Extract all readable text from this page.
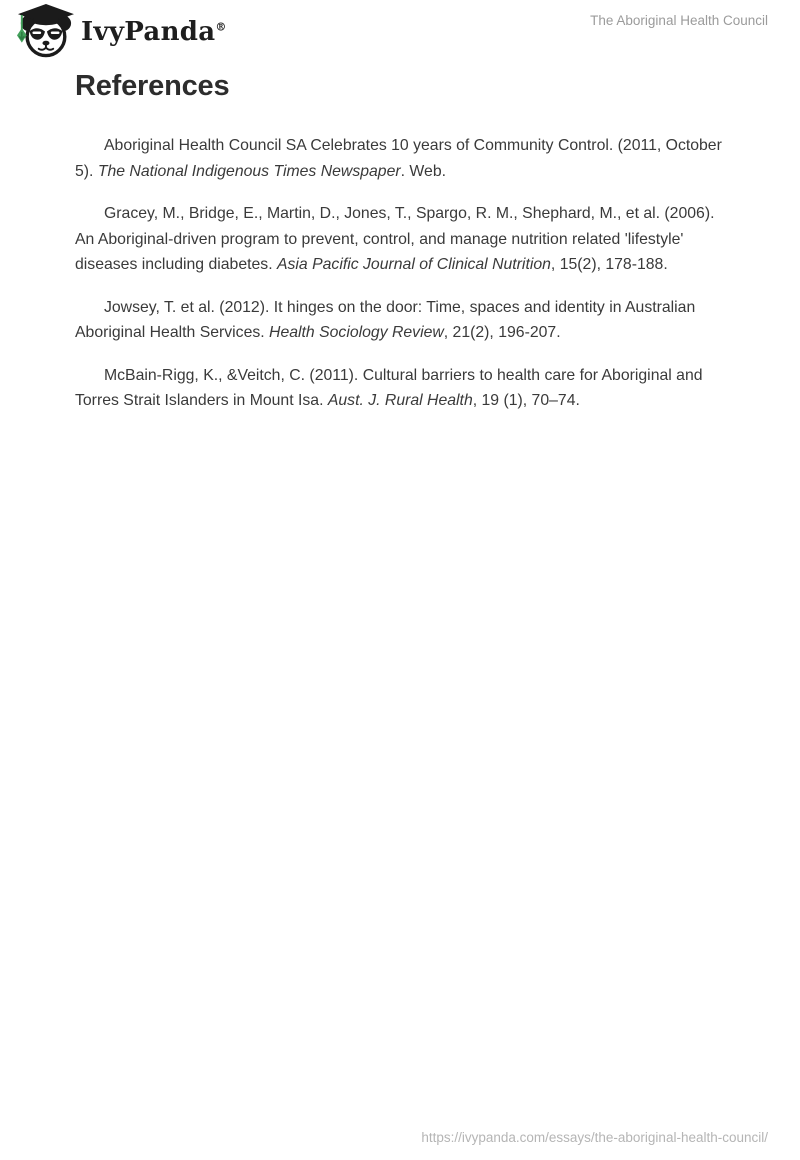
IvyPanda®	The Aboriginal Health Council
References

Aboriginal Health Council SA Celebrates 10 years of Community Control. (2011, October 5). The National Indigenous Times Newspaper. Web.

Gracey, M., Bridge, E., Martin, D., Jones, T., Spargo, R. M., Shephard, M., et al. (2006). An Aboriginal-driven program to prevent, control, and manage nutrition related 'lifestyle' diseases including diabetes. Asia Pacific Journal of Clinical Nutrition, 15(2), 178-188.

Jowsey, T. et al. (2012). It hinges on the door: Time, spaces and identity in Australian Aboriginal Health Services. Health Sociology Review, 21(2), 196-207.

McBain-Rigg, K., &Veitch, C. (2011). Cultural barriers to health care for Aboriginal and Torres Strait Islanders in Mount Isa. Aust. J. Rural Health, 19 (1), 70–74.

https://ivypanda.com/essays/the-aboriginal-health-council/
